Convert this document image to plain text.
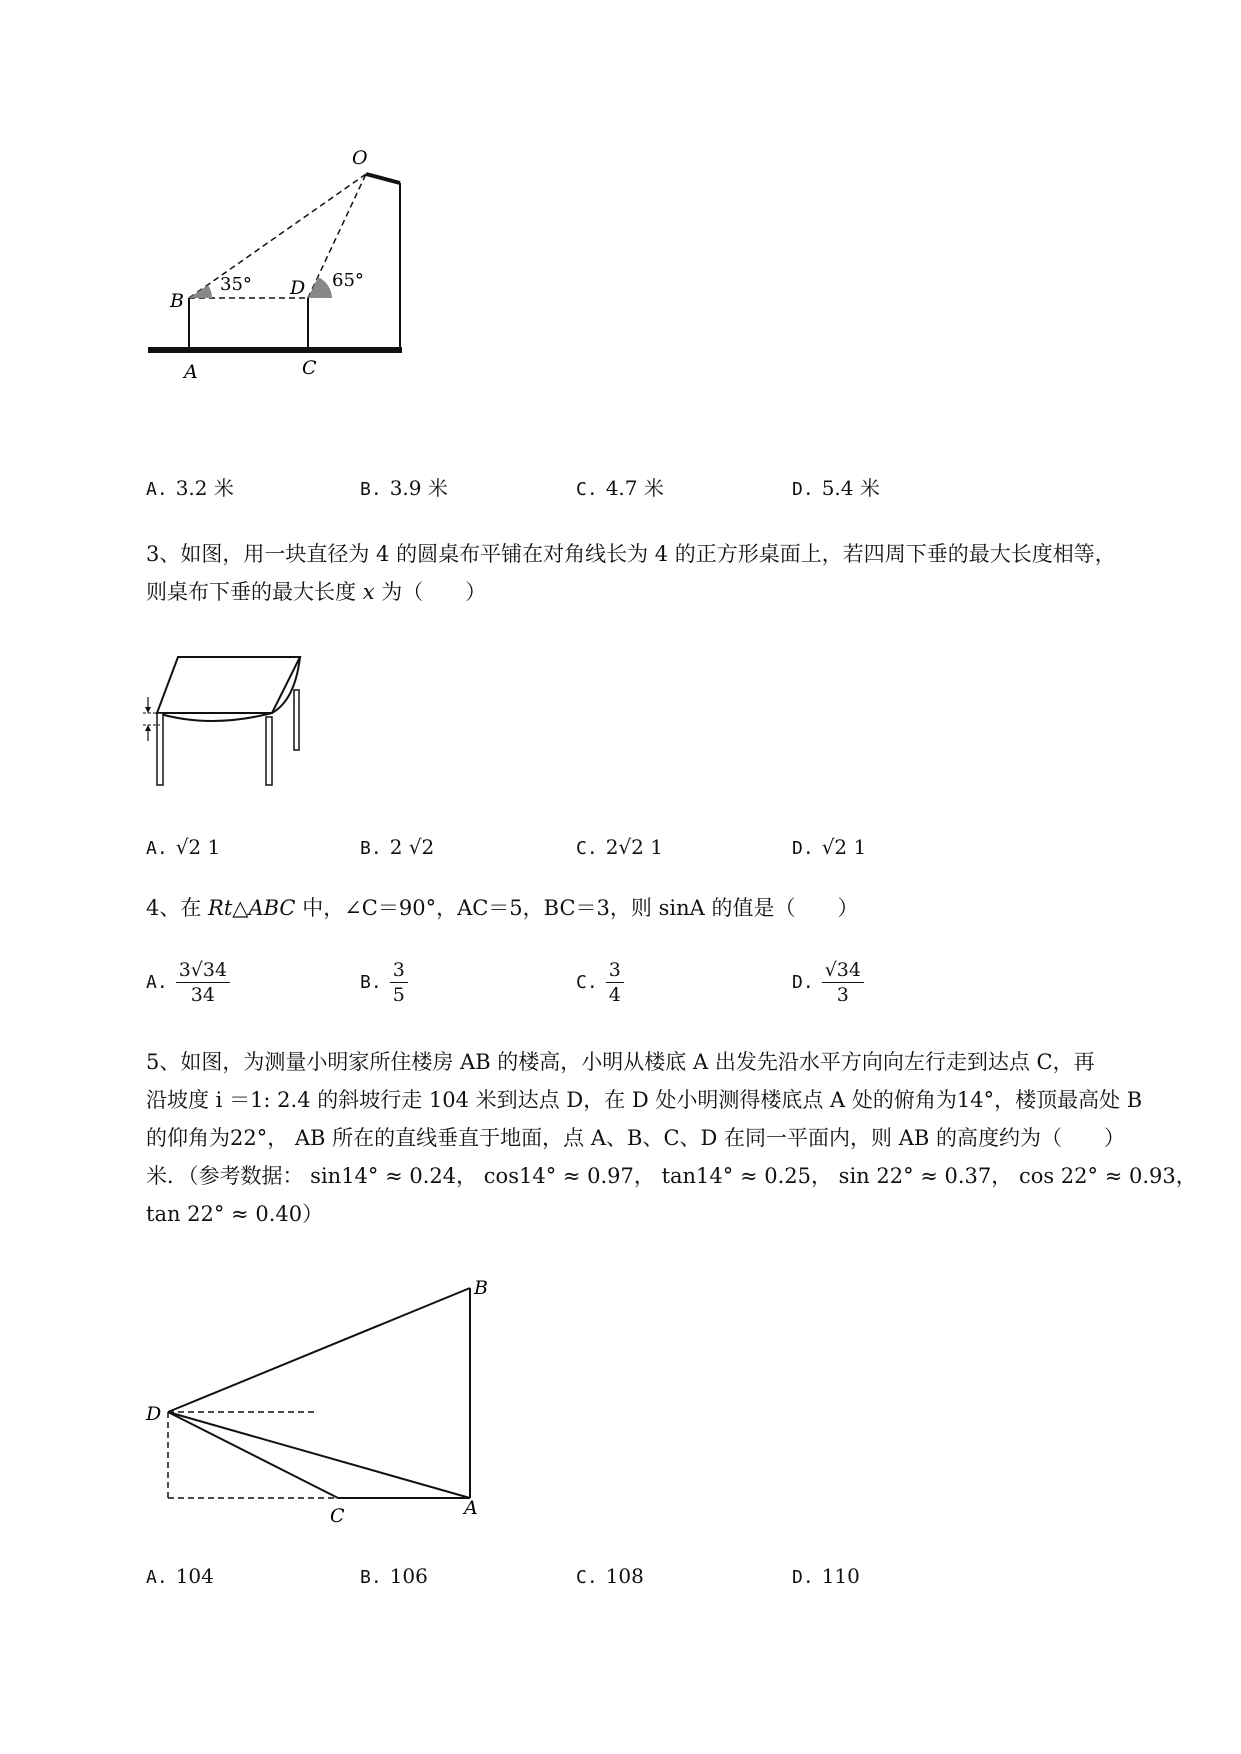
O
B
D
A	C
35°	65°
A. 3.2 米	B. 3.9 米	C. 4.7 米	D. 5.4 米
3、如图，用一块直径为 4 的圆桌布平铺在对角线长为 4 的正方形桌面上，若四周下垂的最大长度相等，
则桌布下垂的最大长度 x 为（　　）
A. √2 1	B. 2 √2	C. 2√2 1	D. √2 1
4、在 Rt△ABC 中，∠C＝90°，AC＝5，BC＝3，则 sinA 的值是（　　）
A. $\frac{3√34}{34}$	B. $\frac{3}{5}$	C. $\frac{3}{4}$	D. $\frac{√34}{3}$
5、如图，为测量小明家所住楼房 AB 的楼高，小明从楼底 A 出发先沿水平方向向左行走到达点 C，再
沿坡度 i ＝1: 2.4 的斜坡行走 104 米到达点 D，在 D 处小明测得楼底点 A 处的俯角为14°，楼顶最高处 B
的仰角为22°， AB 所在的直线垂直于地面，点 A、B、C、D 在同一平面内，则 AB 的高度约为（　　）
米．（参考数据： sin14° ≈ 0.24， cos14° ≈ 0.97， tan14° ≈ 0.25， sin 22° ≈ 0.37， cos 22° ≈ 0.93，
tan 22° ≈ 0.40）
B
D
C	A
A. 104	B. 106	C. 108	D. 110
